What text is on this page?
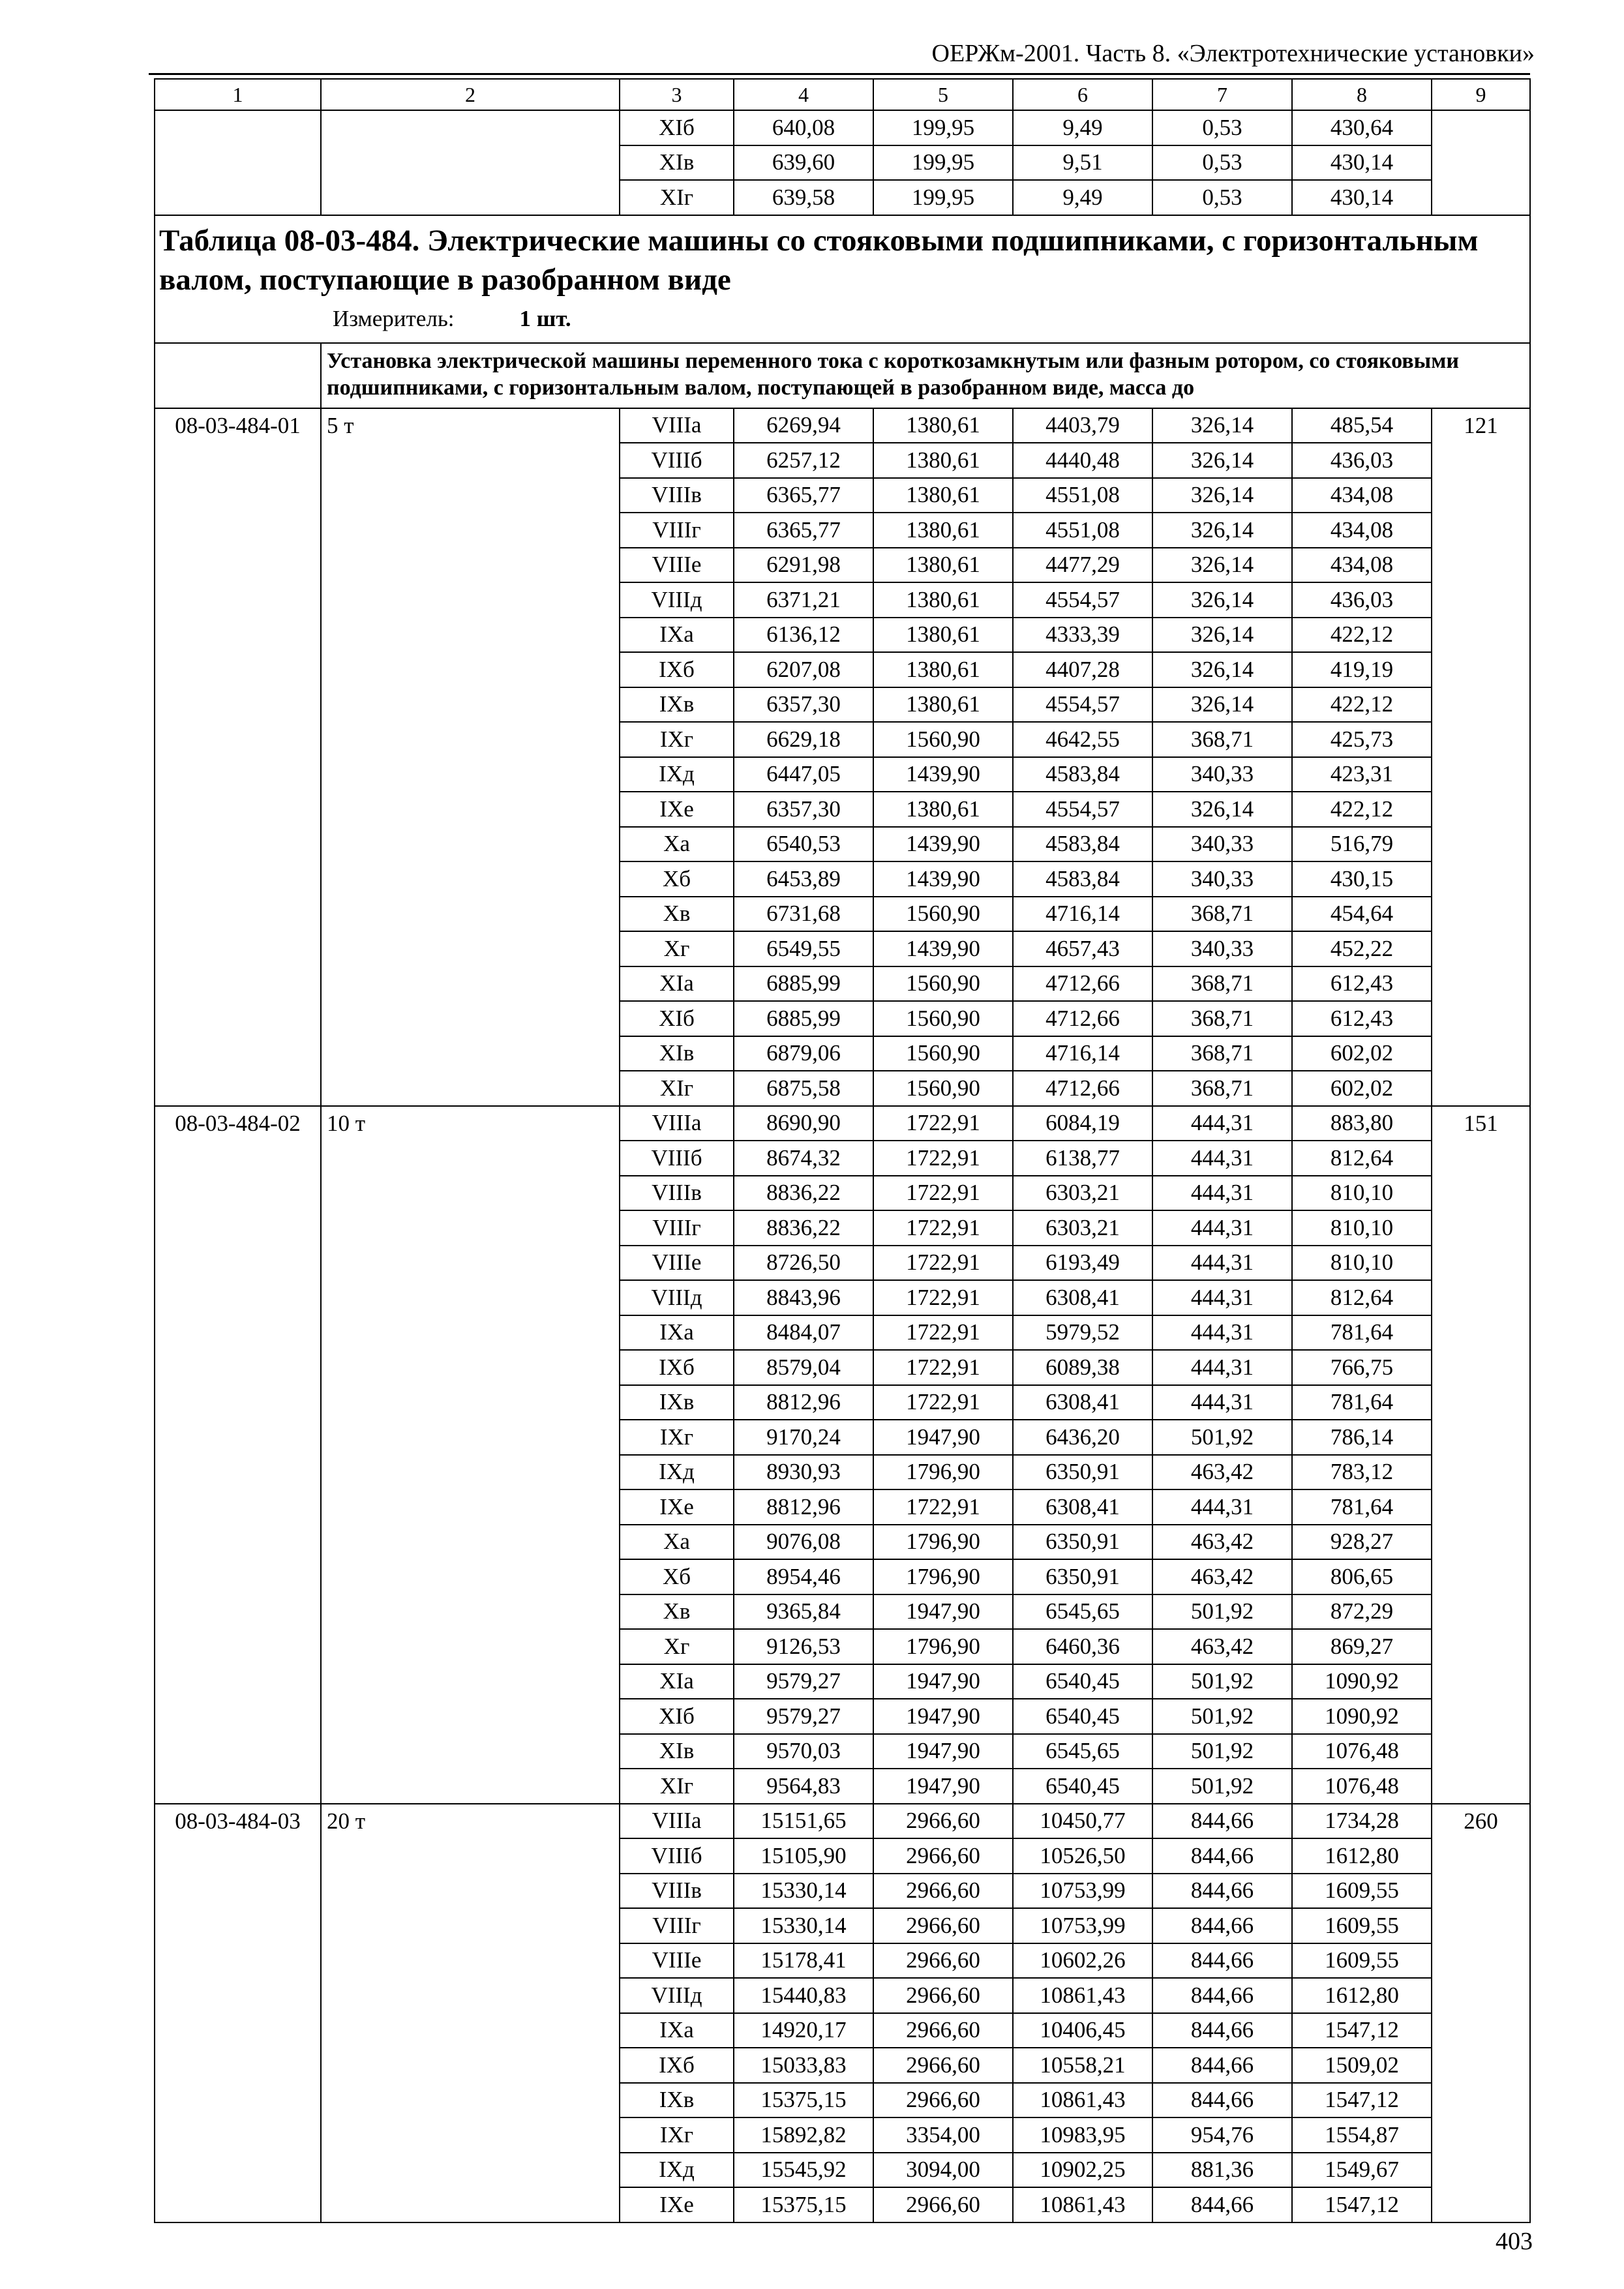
ОЕРЖм-2001. Часть 8. «Электротехнические установки»
1	2	3	4	5	6	7	8	9
		XIб	640,08	199,95	9,49	0,53	430,64	
		XIв	639,60	199,95	9,51	0,53	430,14	
		XIг	639,58	199,95	9,49	0,53	430,14	

Таблица 08-03-484. Электрические машины со стояковыми подшипниками, с горизонтальным валом, поступающие в разобранном виде
Измеритель: 1 шт.								

	Установка электрической машины переменного тока с короткозамкнутым или фазным ротором, со стояковыми подшипниками, с горизонтальным валом, поступающей в разобранном виде, масса до							
08-03-484-01	5 т	VIIIа	6269,94	1380,61	4403,79	326,14	485,54	121
		VIIIб	6257,12	1380,61	4440,48	326,14	436,03	
		VIIIв	6365,77	1380,61	4551,08	326,14	434,08	
		VIIIг	6365,77	1380,61	4551,08	326,14	434,08	
		VIIIе	6291,98	1380,61	4477,29	326,14	434,08	
		VIIIд	6371,21	1380,61	4554,57	326,14	436,03	
		IXа	6136,12	1380,61	4333,39	326,14	422,12	
		IXб	6207,08	1380,61	4407,28	326,14	419,19	
		IXв	6357,30	1380,61	4554,57	326,14	422,12	
		IXг	6629,18	1560,90	4642,55	368,71	425,73	
		IXд	6447,05	1439,90	4583,84	340,33	423,31	
		IXе	6357,30	1380,61	4554,57	326,14	422,12	
		Xа	6540,53	1439,90	4583,84	340,33	516,79	
		Xб	6453,89	1439,90	4583,84	340,33	430,15	
		Xв	6731,68	1560,90	4716,14	368,71	454,64	
		Xг	6549,55	1439,90	4657,43	340,33	452,22	
		XIа	6885,99	1560,90	4712,66	368,71	612,43	
		XIб	6885,99	1560,90	4712,66	368,71	612,43	
		XIв	6879,06	1560,90	4716,14	368,71	602,02	
		XIг	6875,58	1560,90	4712,66	368,71	602,02	
08-03-484-02	10 т	VIIIа	8690,90	1722,91	6084,19	444,31	883,80	151
		VIIIб	8674,32	1722,91	6138,77	444,31	812,64	
		VIIIв	8836,22	1722,91	6303,21	444,31	810,10	
		VIIIг	8836,22	1722,91	6303,21	444,31	810,10	
		VIIIе	8726,50	1722,91	6193,49	444,31	810,10	
		VIIIд	8843,96	1722,91	6308,41	444,31	812,64	
		IXа	8484,07	1722,91	5979,52	444,31	781,64	
		IXб	8579,04	1722,91	6089,38	444,31	766,75	
		IXв	8812,96	1722,91	6308,41	444,31	781,64	
		IXг	9170,24	1947,90	6436,20	501,92	786,14	
		IXд	8930,93	1796,90	6350,91	463,42	783,12	
		IXе	8812,96	1722,91	6308,41	444,31	781,64	
		Xа	9076,08	1796,90	6350,91	463,42	928,27	
		Xб	8954,46	1796,90	6350,91	463,42	806,65	
		Xв	9365,84	1947,90	6545,65	501,92	872,29	
		Xг	9126,53	1796,90	6460,36	463,42	869,27	
		XIа	9579,27	1947,90	6540,45	501,92	1090,92	
		XIб	9579,27	1947,90	6540,45	501,92	1090,92	
		XIв	9570,03	1947,90	6545,65	501,92	1076,48	
		XIг	9564,83	1947,90	6540,45	501,92	1076,48	
08-03-484-03	20 т	VIIIа	15151,65	2966,60	10450,77	844,66	1734,28	260
		VIIIб	15105,90	2966,60	10526,50	844,66	1612,80	
		VIIIв	15330,14	2966,60	10753,99	844,66	1609,55	
		VIIIг	15330,14	2966,60	10753,99	844,66	1609,55	
		VIIIе	15178,41	2966,60	10602,26	844,66	1609,55	
		VIIIд	15440,83	2966,60	10861,43	844,66	1612,80	
		IXа	14920,17	2966,60	10406,45	844,66	1547,12	
		IXб	15033,83	2966,60	10558,21	844,66	1509,02	
		IXв	15375,15	2966,60	10861,43	844,66	1547,12	
		IXг	15892,82	3354,00	10983,95	954,76	1554,87	
		IXд	15545,92	3094,00	10902,25	881,36	1549,67	
		IXе	15375,15	2966,60	10861,43	844,66	1547,12	
403
